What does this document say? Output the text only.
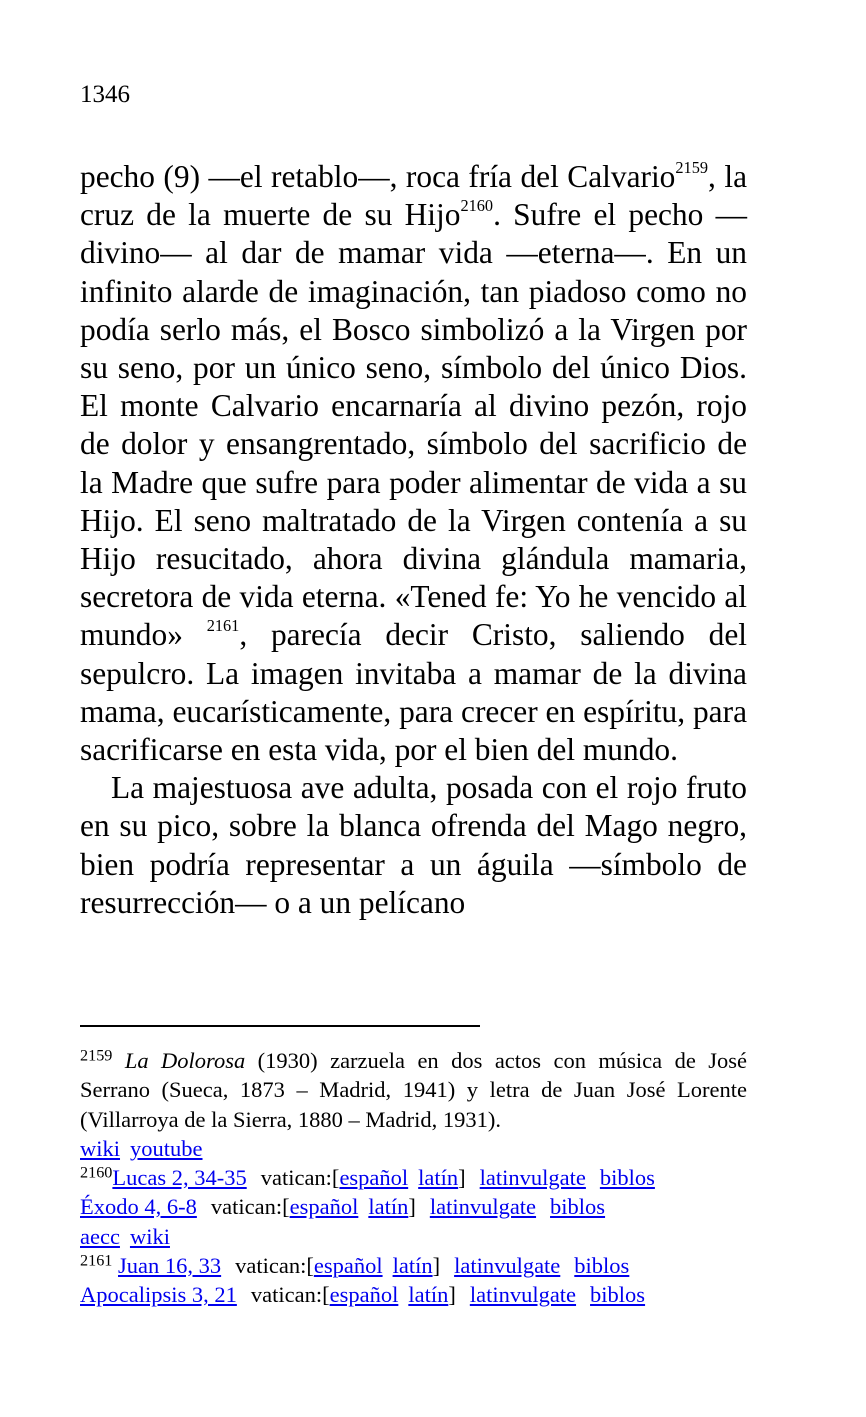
1346

pecho (9) —el retablo—, roca fría del Calvario$^{2159}$, la cruz de la muerte de su Hijo$^{2160}$. Sufre el pecho —divino— al dar de mamar vida —eterna—. En un infinito alarde de imaginación, tan piadoso como no podía serlo más, el Bosco simbolizó a la Virgen por su seno, por un único seno, símbolo del único Dios. El monte Calvario encarnaría al divino pezón, rojo de dolor y ensangrentado, símbolo del sacrificio de la Madre que sufre para poder alimentar de vida a su Hijo. El seno maltratado de la Virgen contenía a su Hijo resucitado, ahora divina glándula mamaria, secretora de vida eterna. «Tened fe: Yo he vencido al mundo» $^{2161}$, parecía decir Cristo, saliendo del sepulcro. La imagen invitaba a mamar de la divina mama, eucarísticamente, para crecer en espíritu, para sacrificarse en esta vida, por el bien del mundo.

La majestuosa ave adulta, posada con el rojo fruto en su pico, sobre la blanca ofrenda del Mago negro, bien podría representar a un águila —símbolo de resurrección— o a un pelícano

$^{2159}$ La Dolorosa (1930) zarzuela en dos actos con música de José Serrano (Sueca, 1873 – Madrid, 1941) y letra de Juan José Lorente (Villarroya de la Sierra, 1880 – Madrid, 1931).
wiki youtube
$^{2160}$Lucas 2, 34-35 vatican:[español latín] latinvulgate biblos
Éxodo 4, 6-8 vatican:[español latín] latinvulgate biblos
aecc wiki
$^{2161}$ Juan 16, 33 vatican:[español latín] latinvulgate biblos
Apocalipsis 3, 21 vatican:[español latín] latinvulgate biblos
